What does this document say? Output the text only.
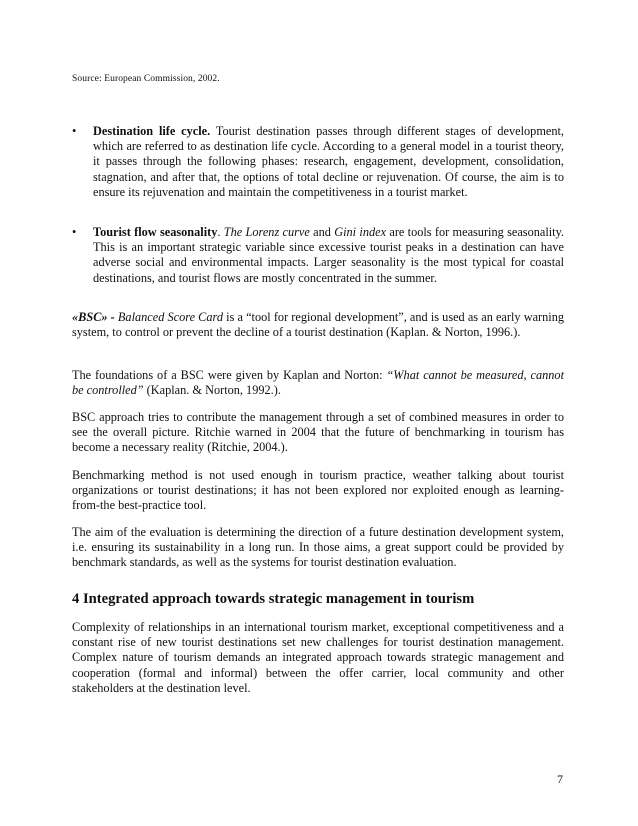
Source: European Commission, 2002.
• Destination life cycle. Tourist destination passes through different stages of development, which are referred to as destination life cycle. According to a general model in a tourist theory, it passes through the following phases: research, engagement, development, consolidation, stagnation, and after that, the options of total decline or rejuvenation. Of course, the aim is to ensure its rejuvenation and maintain the competitiveness in a tourist market.

• Tourist flow seasonality. The Lorenz curve and Gini index are tools for measuring seasonality. This is an important strategic variable since excessive tourist peaks in a destination can have adverse social and environmental impacts. Larger seasonality is the most typical for coastal destinations, and tourist flows are mostly concentrated in the summer.

«BSC» - Balanced Score Card is a “tool for regional development”, and is used as an early warning system, to control or prevent the decline of a tourist destination (Kaplan. & Norton, 1996.).

The foundations of a BSC were given by Kaplan and Norton: “What cannot be measured, cannot be controlled” (Kaplan. & Norton, 1992.).

BSC approach tries to contribute the management through a set of combined measures in order to see the overall picture. Ritchie warned in 2004 that the future of benchmarking in tourism has become a necessary reality (Ritchie, 2004.).

Benchmarking method is not used enough in tourism practice, weather talking about tourist organizations or tourist destinations; it has not been explored nor exploited enough as learning-from-the best-practice tool.

The aim of the evaluation is determining the direction of a future destination development system, i.e. ensuring its sustainability in a long run. In those aims, a great support could be provided by benchmark standards, as well as the systems for tourist destination evaluation.

4 Integrated approach towards strategic management in tourism

Complexity of relationships in an international tourism market, exceptional competitiveness and a constant rise of new tourist destinations set new challenges for tourist destination management. Complex nature of tourism demands an integrated approach towards strategic management and cooperation (formal and informal) between the offer carrier, local community and other stakeholders at the destination level.

7
